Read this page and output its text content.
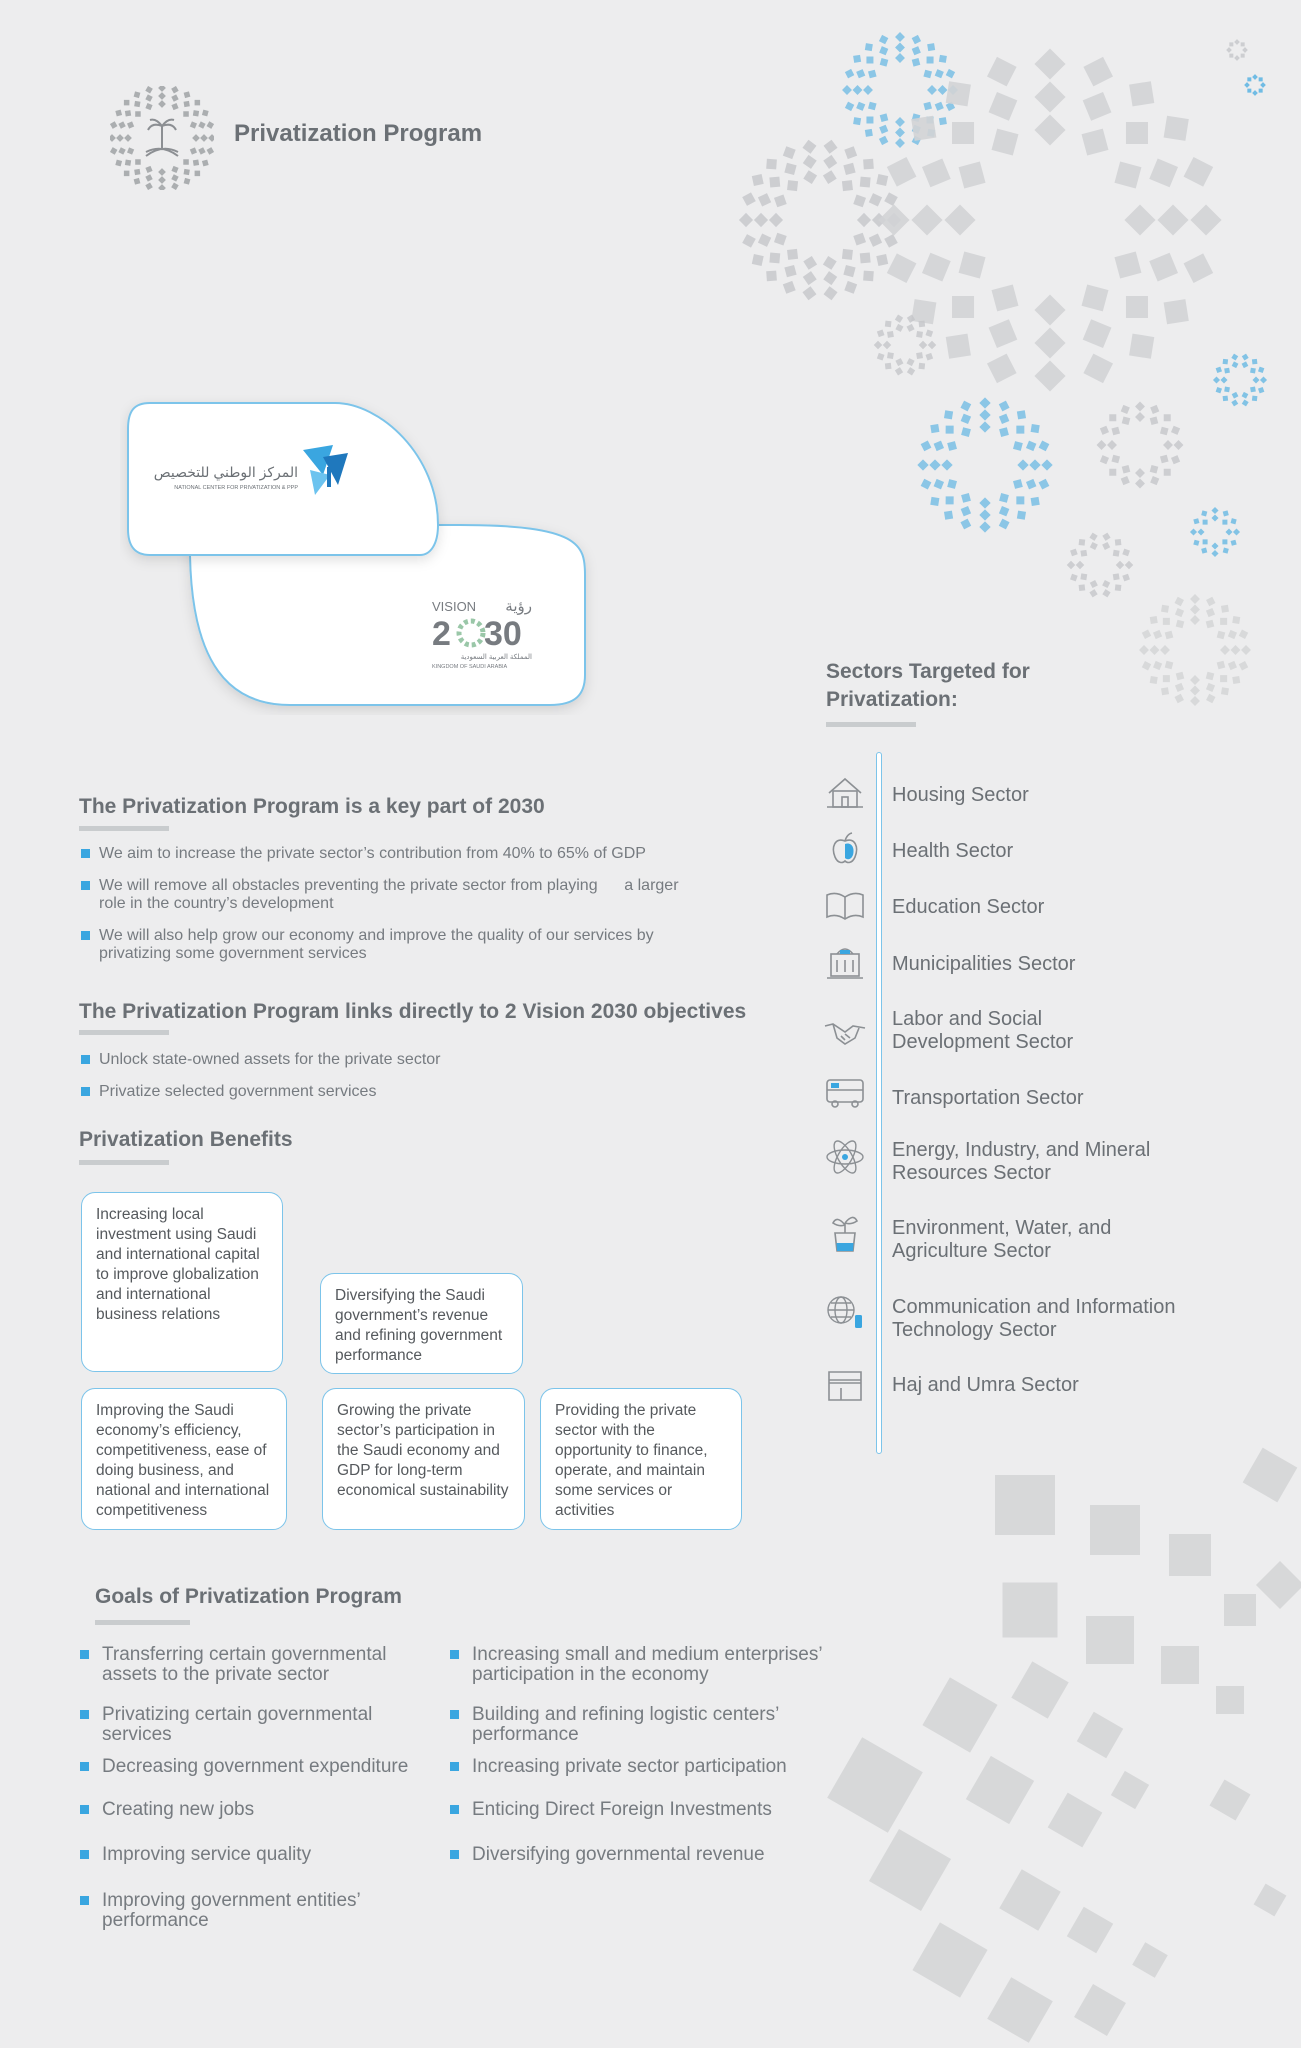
Privatization Program
المركز الوطني للتخصيص
NATIONAL CENTER FOR PRIVATIZATION & PPP
VISION رؤية
2 30
المملكة العربية السعودية
KINGDOM OF SAUDI ARABIA
The Privatization Program is a key part of 2030
We aim to increase the private sector’s contribution from 40% to 65% of GDP
We will remove all obstacles preventing the private sector from playing      a larger role in the country’s development
We will also help grow our economy and improve the quality of our services by privatizing some government services
The Privatization Program links directly to 2 Vision 2030 objectives
Unlock state-owned assets for the private sector
Privatize selected government services
Privatization Benefits
Increasing local investment using Saudi and international capital to improve globalization and international business relations
Diversifying the Saudi government’s revenue and refining government performance
Improving the Saudi economy’s efficiency, competitiveness, ease of doing business, and national and international competitiveness
Growing the private sector’s participation in the Saudi economy and GDP for long-term economical sustainability
Providing the private sector with the opportunity to finance, operate, and maintain some services or activities
Sectors Targeted for Privatization:
Housing Sector
Health Sector
Education Sector
Municipalities Sector
Labor and Social Development Sector
Transportation Sector
Energy, Industry, and Mineral Resources Sector
Environment, Water, and Agriculture Sector
Communication and Information Technology Sector
Haj and Umra Sector
Goals of Privatization Program
Transferring certain governmental assets to the private sector
Privatizing certain governmental services
Decreasing government expenditure
Creating new jobs
Improving service quality
Improving government entities’ performance
Increasing small and medium enterprises’ participation in the economy
Building and refining logistic centers’ performance
Increasing private sector participation
Enticing Direct Foreign Investments
Diversifying governmental revenue
